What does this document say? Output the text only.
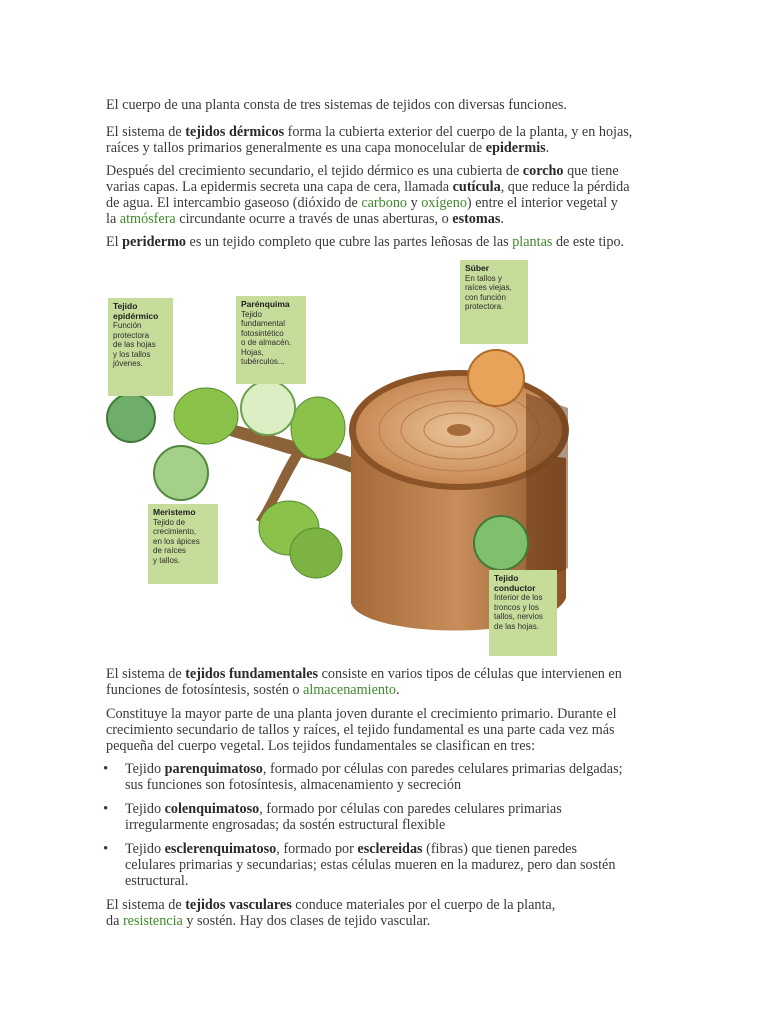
El cuerpo de una planta consta de tres sistemas de tejidos con diversas funciones.

El sistema de tejidos dérmicos forma la cubierta exterior del cuerpo de la planta, y en hojas,
raíces y tallos primarios generalmente es una capa monocelular de epidermis.

Después del crecimiento secundario, el tejido dérmico es una cubierta de corcho que tiene
varias capas. La epidermis secreta una capa de cera, llamada cutícula, que reduce la pérdida
de agua. El intercambio gaseoso (dióxido de carbono y oxígeno) entre el interior vegetal y
la atmósfera circundante ocurre a través de unas aberturas, o estomas.

El peridermo es un tejido completo que cubre las partes leñosas de las plantas de este tipo.

El sistema de tejidos fundamentales consiste en varios tipos de células que intervienen en
funciones de fotosíntesis, sostén o almacenamiento.

Constituye la mayor parte de una planta joven durante el crecimiento primario. Durante el
crecimiento secundario de tallos y raíces, el tejido fundamental es una parte cada vez más
pequeña del cuerpo vegetal. Los tejidos fundamentales se clasifican en tres:

• Tejido parenquimatoso, formado por células con paredes celulares primarias delgadas;
sus funciones son fotosíntesis, almacenamiento y secreción
• Tejido colenquimatoso, formado por células con paredes celulares primarias
irregularmente engrosadas; da sostén estructural flexible
• Tejido esclerenquimatoso, formado por esclereidas (fibras) que tienen paredes
celulares primarias y secundarias; estas células mueren en la madurez, pero dan sostén
estructural.

El sistema de tejidos vasculares conduce materiales por el cuerpo de la planta,
da resistencia y sostén. Hay dos clases de tejido vascular.

Tejido
epidérmico
Función
protectora
de las hojas
y los tallos
jóvenes.
Parénquima
Tejido
fundamental
fotosintético
o de almacén.
Hojas,
tubérculos...
Súber
En tallos y
raíces viejas,
con función
protectora.
Meristemo
Tejido de
crecimiento,
en los ápices
de raíces
y tallos.
Tejido
conductor
Interior de los
troncos y los
tallos, nervios
de las hojas.
